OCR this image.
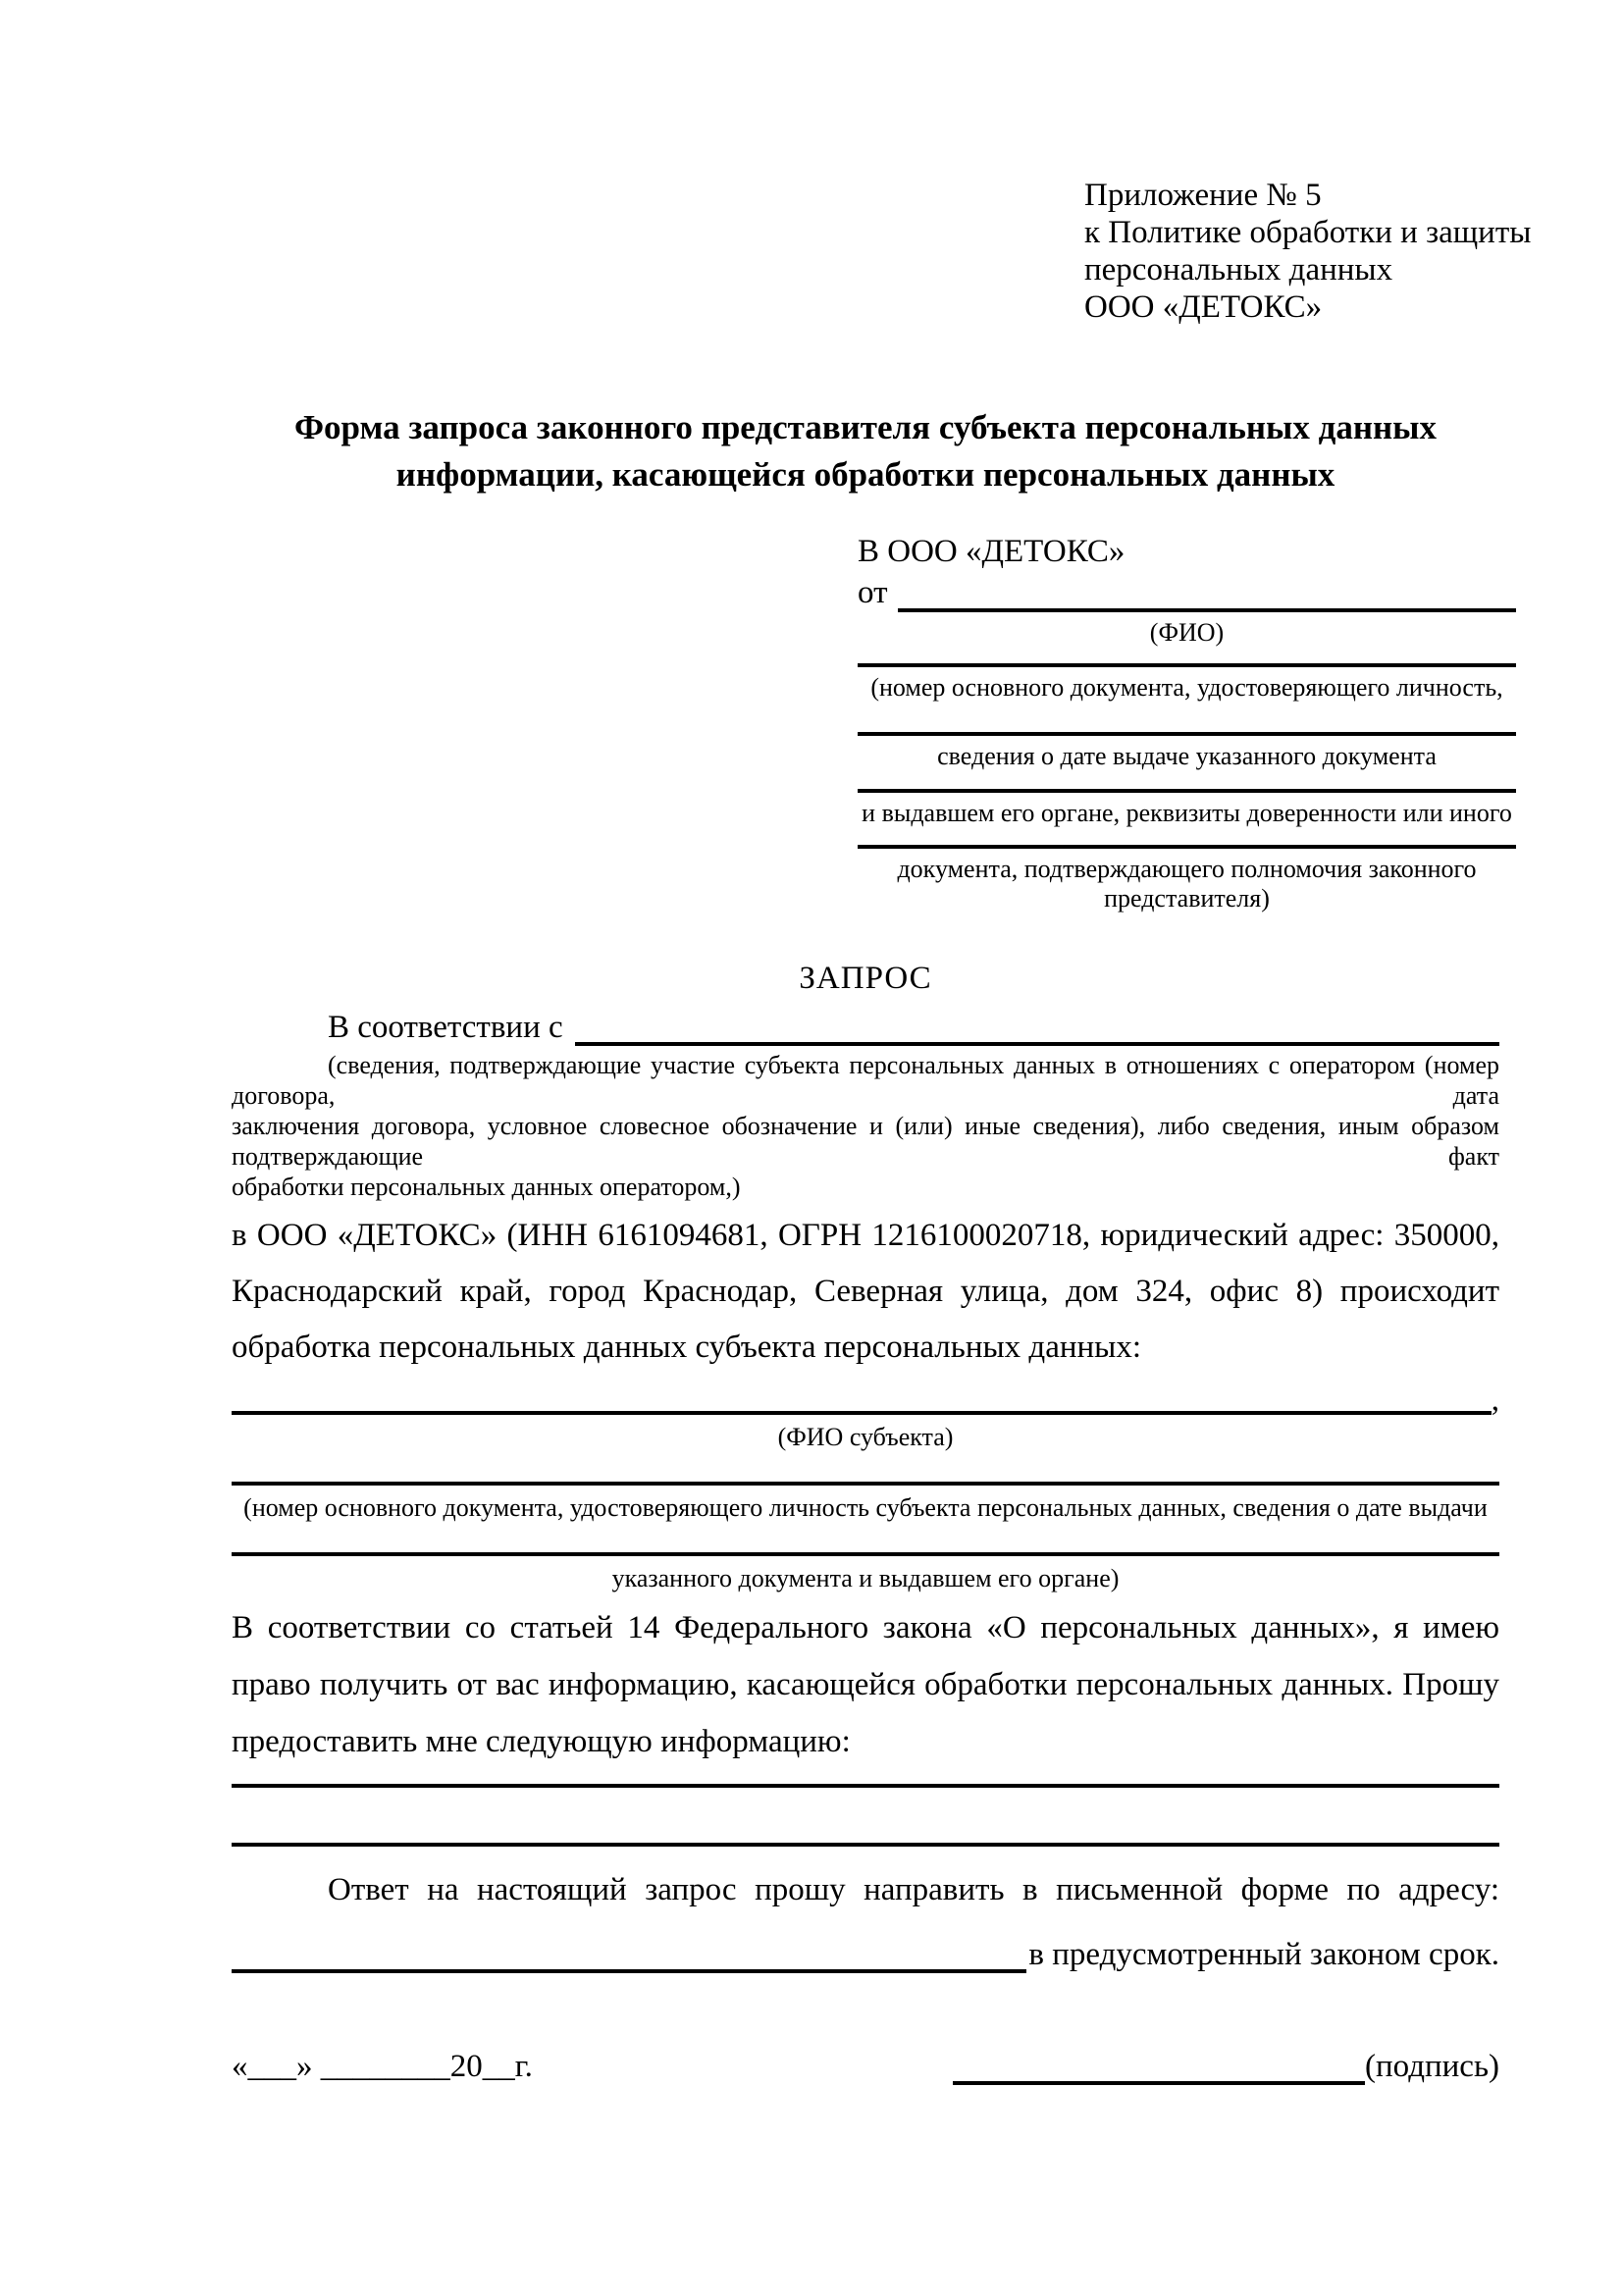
Приложение № 5
к Политике обработки и защиты
персональных данных
ООО «ДЕТОКС»
Форма запроса законного представителя субъекта персональных данных
информации, касающейся обработки персональных данных
В ООО «ДЕТОКС»
от
(ФИО)
(номер основного документа, удостоверяющего личность,
сведения о дате выдаче указанного документа
и выдавшем его органе, реквизиты доверенности или иного
документа, подтверждающего полномочия законного представителя)
ЗАПРОС
В соответствии с
(сведения, подтверждающие участие субъекта персональных данных в отношениях с оператором (номер договора, дата
заключения договора, условное словесное обозначение и (или) иные сведения), либо сведения, иным образом подтверждающие факт
обработки персональных данных оператором,)
в ООО «ДЕТОКС» (ИНН 6161094681, ОГРН 1216100020718, юридический адрес: 350000,
Краснодарский край, город Краснодар, Северная улица, дом 324, офис 8) происходит
обработка персональных данных субъекта персональных данных:
,
(ФИО субъекта)
(номер основного документа, удостоверяющего личность субъекта персональных данных, сведения о дате выдачи
указанного документа и выдавшем его органе)
В соответствии со статьей 14 Федерального закона «О персональных данных», я имею
право получить от вас информацию, касающейся обработки персональных данных. Прошу
предоставить мне следующую информацию:
Ответ на настоящий запрос прошу направить в письменной форме по адресу:
в предусмотренный законом срок.
«___» ________20__г.	(подпись)
